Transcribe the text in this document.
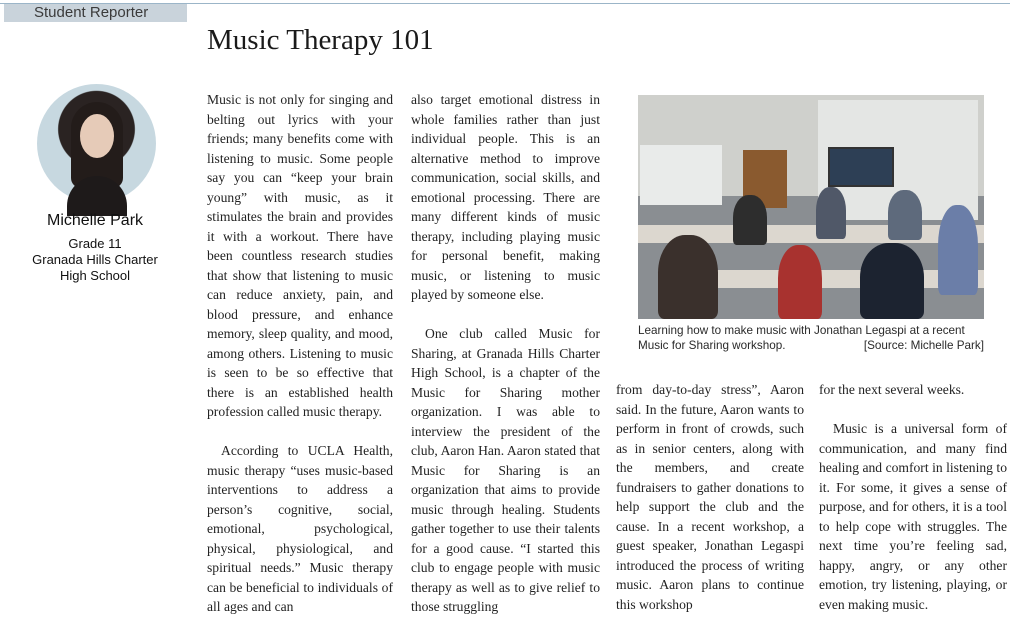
Student Reporter
Music Therapy 101
Michelle Park
Grade 11
Granada Hills Charter
High School

Music is not only for singing and belting out lyrics with your friends; many benefits come with listening to music. Some people say you can “keep your brain young” with music, as it stimulates the brain and provides it with a workout. There have been countless research studies that show that listening to music can reduce anxiety, pain, and blood pressure, and enhance memory, sleep quality, and mood, among others. Listening to music is seen to be so effective that there is an established health profession called music therapy.

According to UCLA Health, music therapy “uses music-based interventions to address a person’s cognitive, social, emotional, psychological, physical, physiological, and spiritual needs.” Music therapy can be beneficial to individuals of all ages and can

also target emotional distress in whole families rather than just individual people. This is an alternative method to improve communication, social skills, and emotional processing. There are many different kinds of music therapy, including playing music for personal benefit, making music, or listening to music played by someone else.

One club called Music for Sharing, at Granada Hills Charter High School, is a chapter of the Music for Sharing mother organization. I was able to interview the president of the club, Aaron Han. Aaron stated that Music for Sharing is an organization that aims to provide music through healing. Students gather together to use their talents for a good cause. “I started this club to engage people with music therapy as well as to give relief to those struggling

Learning how to make music with Jonathan Legaspi at a recent Music for Sharing workshop.	[Source: Michelle Park]

from day-to-day stress”, Aaron said. In the future, Aaron wants to perform in front of crowds, such as in senior centers, along with the members, and create fundraisers to gather donations to help support the club and the cause. In a recent workshop, a guest speaker, Jonathan Legaspi introduced the process of writing music. Aaron plans to continue this workshop

for the next several weeks.

Music is a universal form of communication, and many find healing and comfort in listening to it. For some, it gives a sense of purpose, and for others, it is a tool to help cope with struggles. The next time you’re feeling sad, happy, angry, or any other emotion, try listening, playing, or even making music.
